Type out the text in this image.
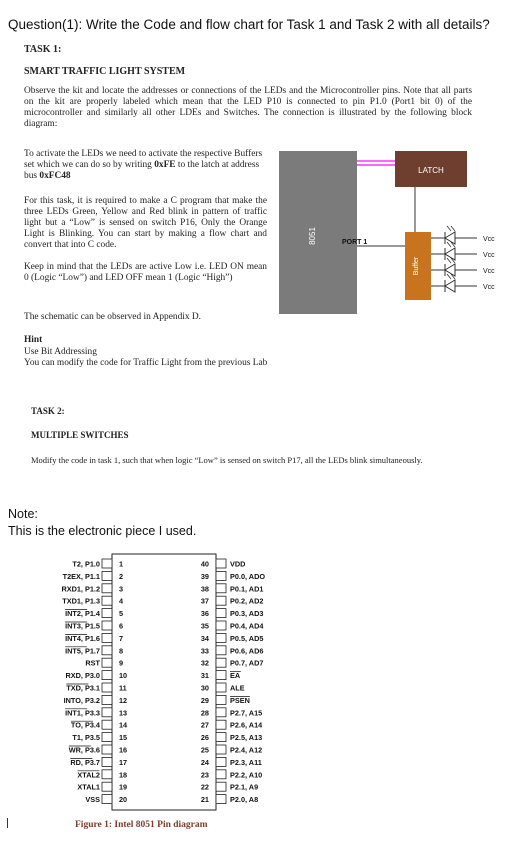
Question(1): Write the Code and flow chart for Task 1 and Task 2 with all details?
TASK 1:
SMART TRAFFIC LIGHT SYSTEM
Observe the kit and locate the addresses or connections of the LEDs and the Microcontroller pins. Note that all parts on the kit are properly labeled which mean that the LED P10 is connected to pin P1.0 (Port1 bit 0) of the microcontroller and similarly all other LDEs and Switches. The connection is illustrated by the following block diagram:
To activate the LEDs we need to activate the respective Buffers set which we can do so by writing 0xFE to the latch at address bus 0xFC48
For this task, it is required to make a C program that make the three LEDs Green, Yellow and Red blink in pattern of traffic light but a “Low” is sensed on switch P16, Only the Orange Light is Blinking. You can start by making a flow chart and convert that into C code.
Keep in mind that the LEDs are active Low i.e. LED ON mean 0 (Logic “Low”) and LED OFF mean 1 (Logic “High”)
The schematic can be observed in Appendix D.
Hint
Use Bit Addressing
You can modify the code for Traffic Light from the previous Lab
8051
LATCH
PORT 1
Buffer
Vcc
Vcc
Vcc
Vcc
TASK 2:
MULTIPLE SWITCHES
Modify the code in task 1, such that when logic “Low” is sensed on switch P17, all the LEDs blink simultaneously.
Note:
This is the electronic piece I used.
T2, P1.0	1
T2EX, P1.1	2
RXD1, P1.2	3
TXD1, P1.3	4
INT2, P1.4	5
INT3, P1.5	6
INT4, P1.6	7
INT5, P1.7	8
RST	9
RXD, P3.0	10
TXD, P3.1	11
INTO, P3.2	12
INT1, P3.3	13
TO, P3.4	14
T1, P3.5	15
WR, P3.6	16
RD, P3.7	17
XTAL2	18
XTAL1	19
VSS	20
40	VDD
39	P0.0, ADO
38	P0.1, AD1
37	P0.2, AD2
36	P0.3, AD3
35	P0.4, AD4
34	P0.5, AD5
33	P0.6, AD6
32	P0.7, AD7
31	EA
30	ALE
29	PSEN
28	P2.7, A15
27	P2.6, A14
26	P2.5, A13
25	P2.4, A12
24	P2.3, A11
23	P2.2, A10
22	P2.1, A9
21	P2.0, A8
Figure 1: Intel 8051 Pin diagram
